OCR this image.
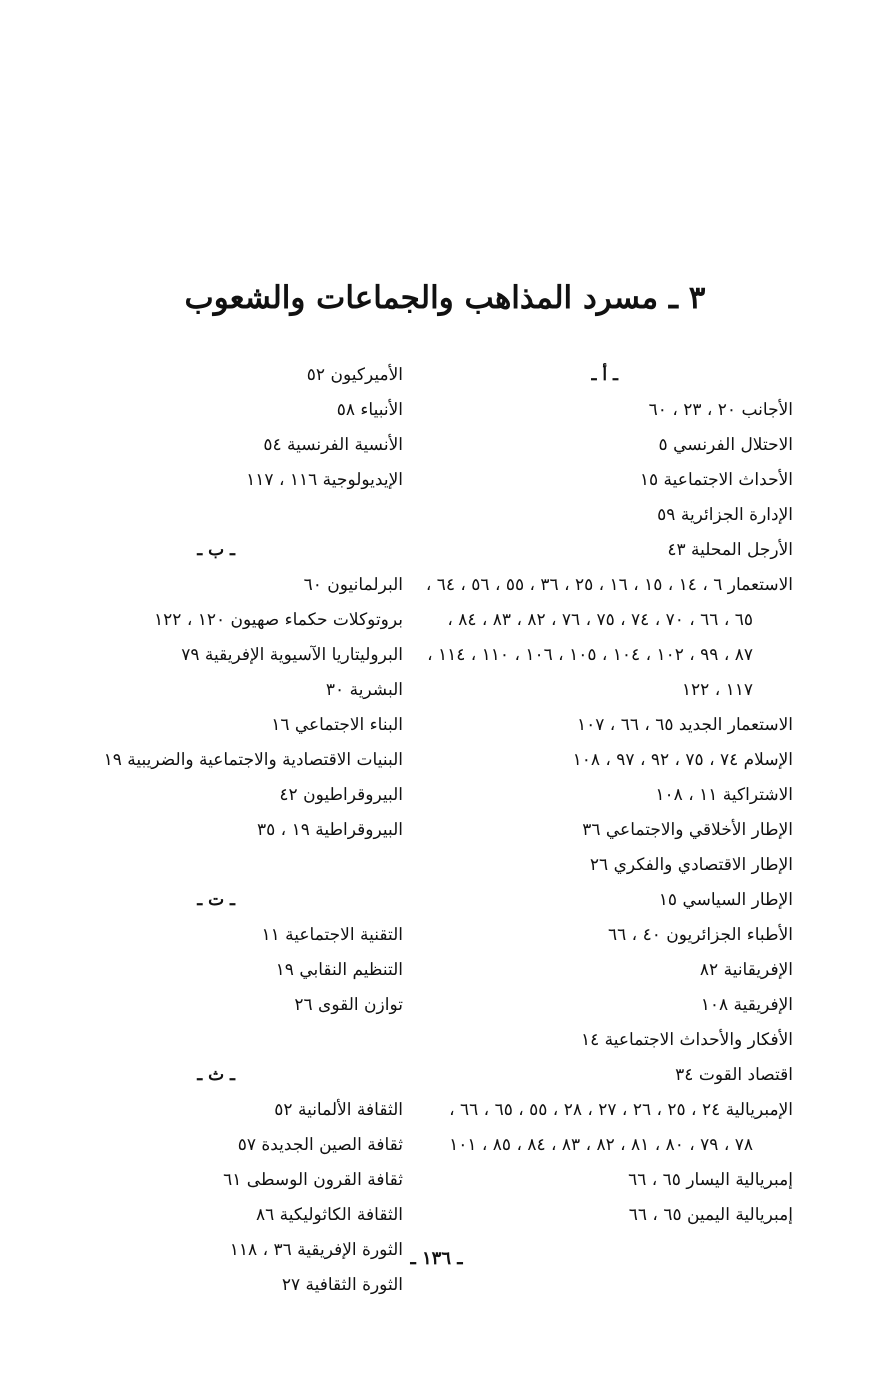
٣ ـ مسرد المذاهب والجماعات والشعوب
ـ أ ـ
الأجانب ٢٠ ، ٢٣ ، ٦٠
الاحتلال الفرنسي ٥
الأحداث الاجتماعية ١٥
الإدارة الجزائرية ٥٩
الأرجل المحلية ٤٣
الاستعمار ٦ ، ١٤ ، ١٥ ، ١٦ ، ٢٥ ، ٣٦ ، ٥٥ ، ٥٦ ، ٦٤ ،
٦٥ ، ٦٦ ، ٧٠ ، ٧٤ ، ٧٥ ، ٧٦ ، ٨٢ ، ٨٣ ، ٨٤ ،
٨٧ ، ٩٩ ، ١٠٢ ، ١٠٤ ، ١٠٥ ، ١٠٦ ، ١١٠ ، ١١٤ ،
١١٧ ، ١٢٢
الاستعمار الجديد ٦٥ ، ٦٦ ، ١٠٧
الإسلام ٧٤ ، ٧٥ ، ٩٢ ، ٩٧ ، ١٠٨
الاشتراكية ١١ ، ١٠٨
الإطار الأخلاقي والاجتماعي ٣٦
الإطار الاقتصادي والفكري ٢٦
الإطار السياسي ١٥
الأطباء الجزائريون ٤٠ ، ٦٦
الإفريقانية ٨٢
الإفريقية ١٠٨
الأفكار والأحداث الاجتماعية ١٤
اقتصاد القوت ٣٤
الإمبريالية ٢٤ ، ٢٥ ، ٢٦ ، ٢٧ ، ٢٨ ، ٥٥ ، ٦٥ ، ٦٦ ،
٧٨ ، ٧٩ ، ٨٠ ، ٨١ ، ٨٢ ، ٨٣ ، ٨٤ ، ٨٥ ، ١٠١
إمبريالية اليسار ٦٥ ، ٦٦
إمبريالية اليمين ٦٥ ، ٦٦
الأميركيون ٥٢
الأنبياء ٥٨
الأنسية الفرنسية ٥٤
الإيديولوجية ١١٦ ، ١١٧
ـ ب ـ
البرلمانيون ٦٠
بروتوكلات حكماء صهيون ١٢٠ ، ١٢٢
البروليتاريا الآسيوية الإفريقية ٧٩
البشرية ٣٠
البناء الاجتماعي ١٦
البنيات الاقتصادية والاجتماعية والضريبية ١٩
البيروقراطيون ٤٢
البيروقراطية ١٩ ، ٣٥
ـ ت ـ
التقنية الاجتماعية ١١
التنظيم النقابي ١٩
توازن القوى ٢٦
ـ ث ـ
الثقافة الألمانية ٥٢
ثقافة الصين الجديدة ٥٧
ثقافة القرون الوسطى ٦١
الثقافة الكاثوليكية ٨٦
الثورة الإفريقية ٣٦ ، ١١٨
الثورة الثقافية ٢٧
ـ ١٣٦ ـ
